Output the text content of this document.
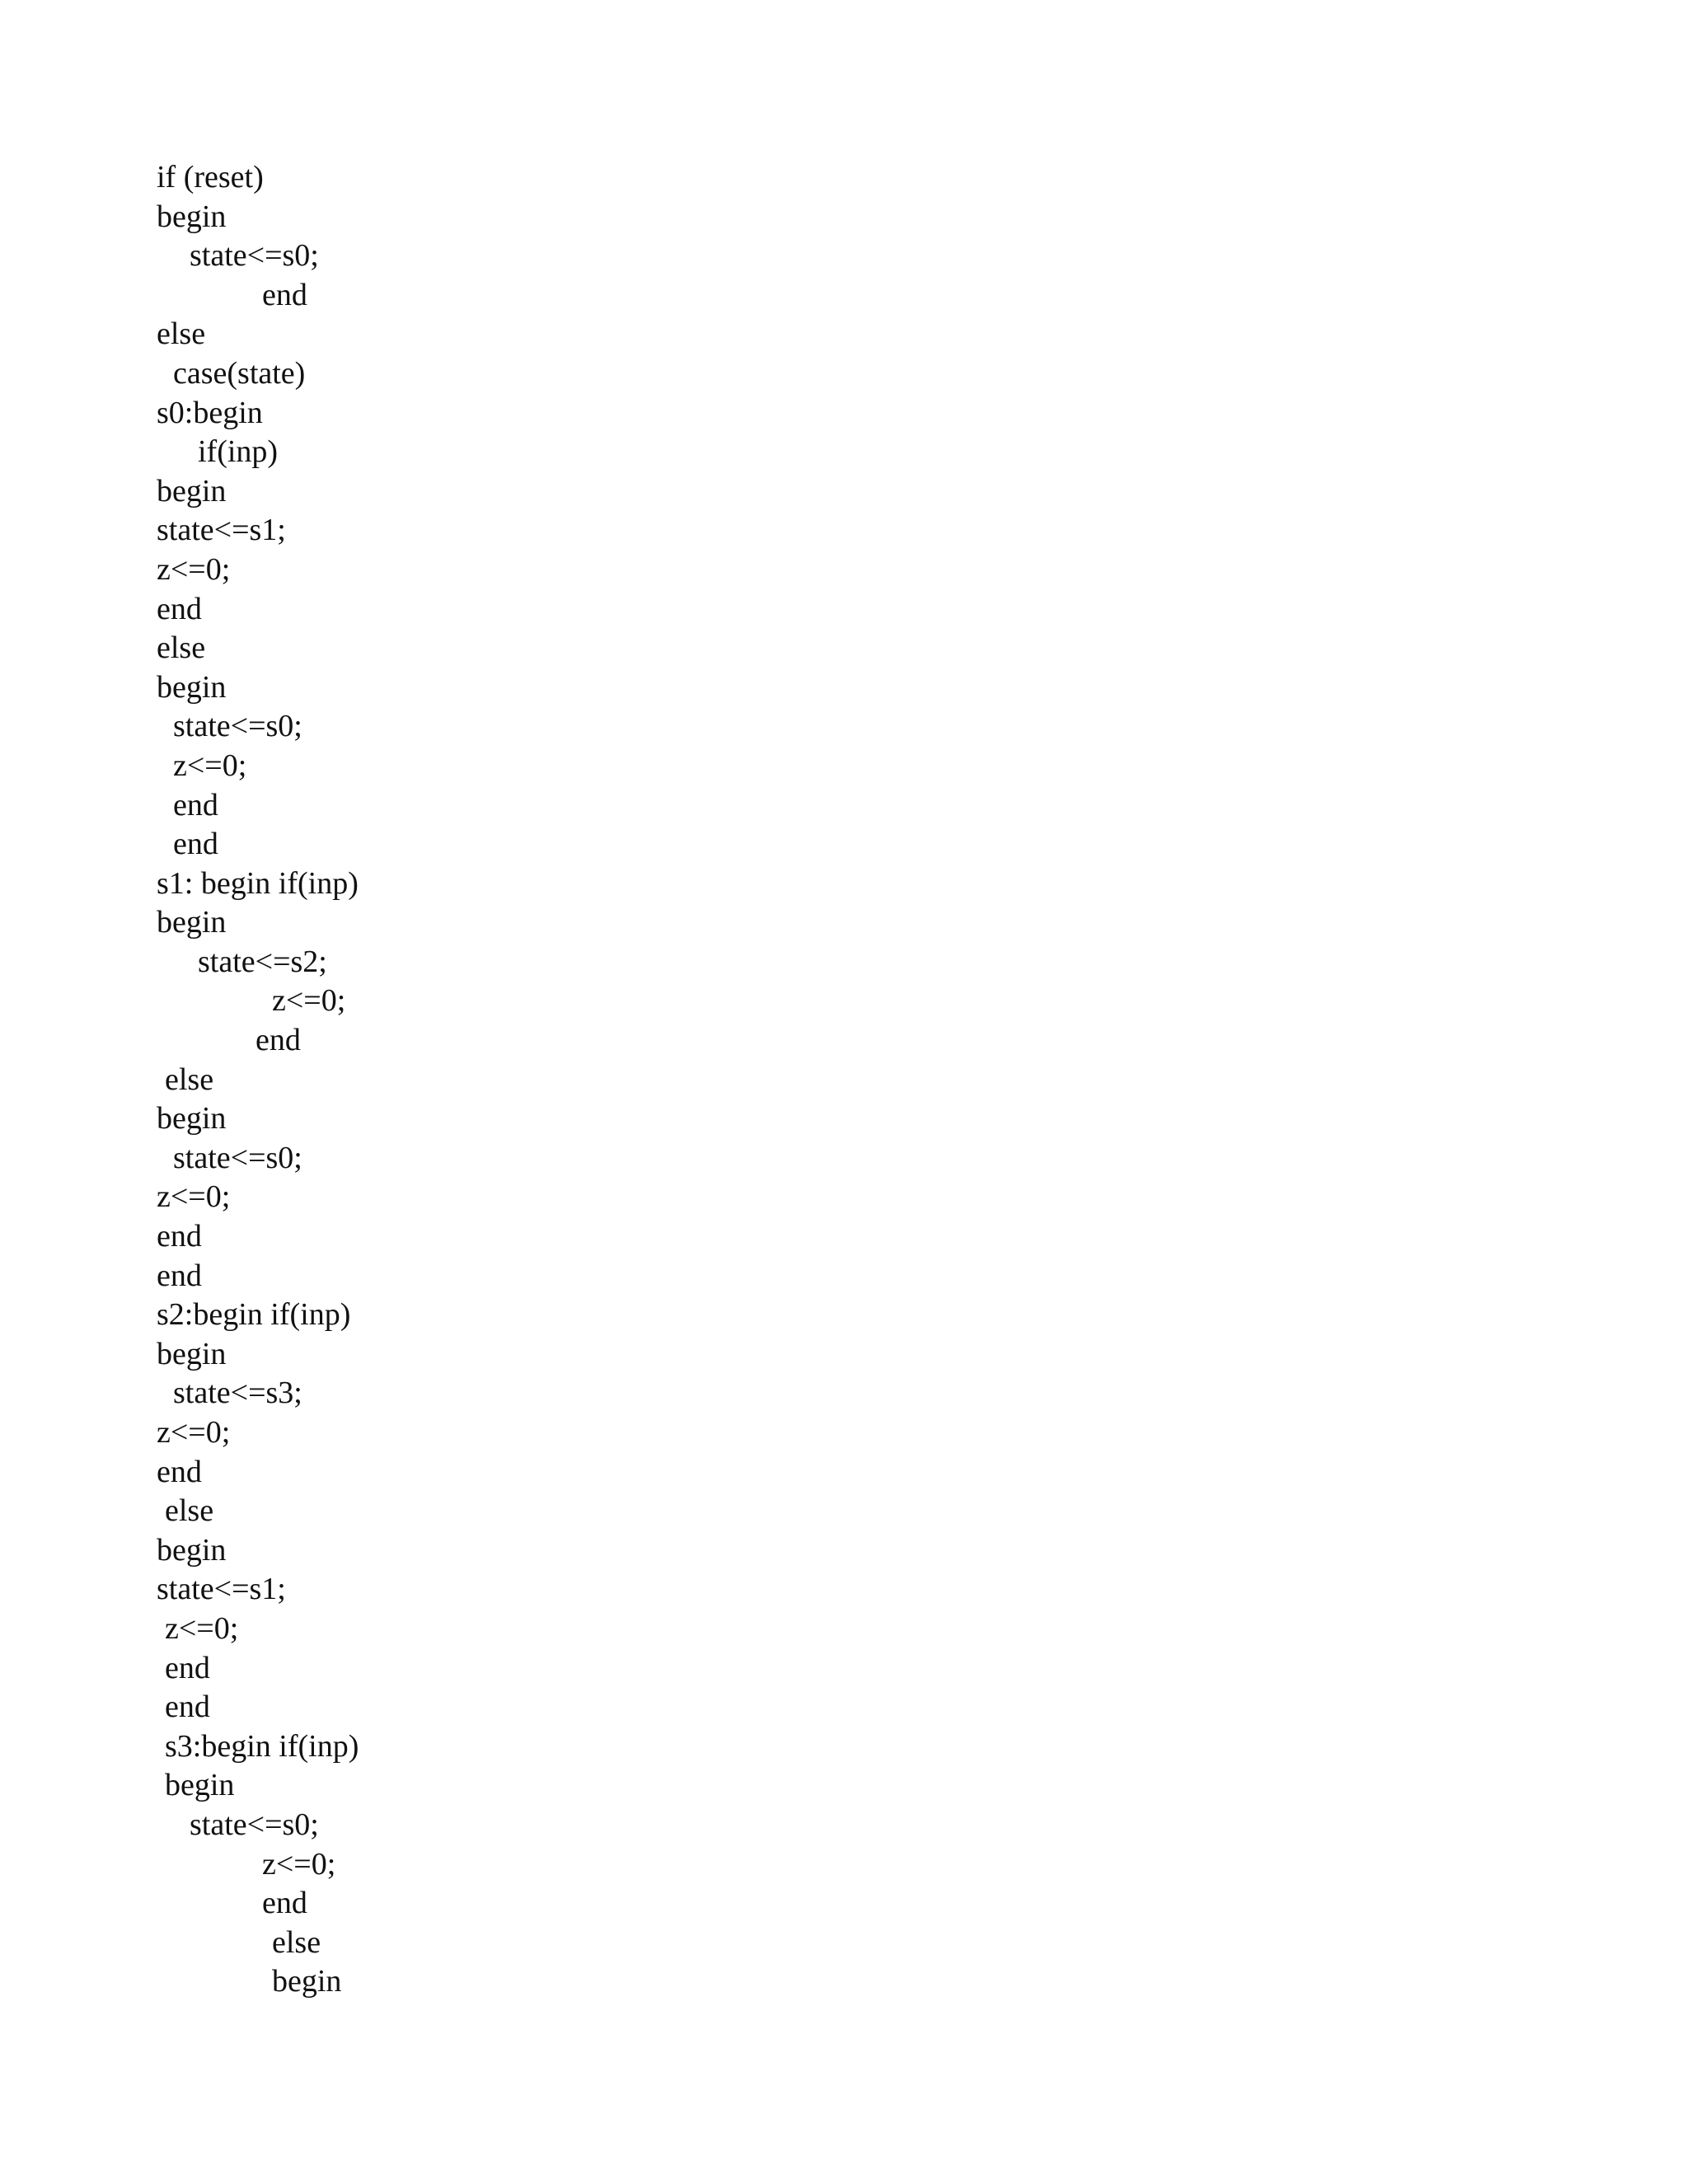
if (reset)
begin
state<=s0;
end
else
case(state)
s0:begin
if(inp)
begin
state<=s1;
z<=0;
end
else
begin
state<=s0;
z<=0;
end
end
s1: begin if(inp)
begin
state<=s2;
z<=0;
end
else
begin
state<=s0;
z<=0;
end
end
s2:begin if(inp)
begin
state<=s3;
z<=0;
end
else
begin
state<=s1;
z<=0;
end
end
s3:begin if(inp)
begin
state<=s0;
z<=0;
end
else
begin
